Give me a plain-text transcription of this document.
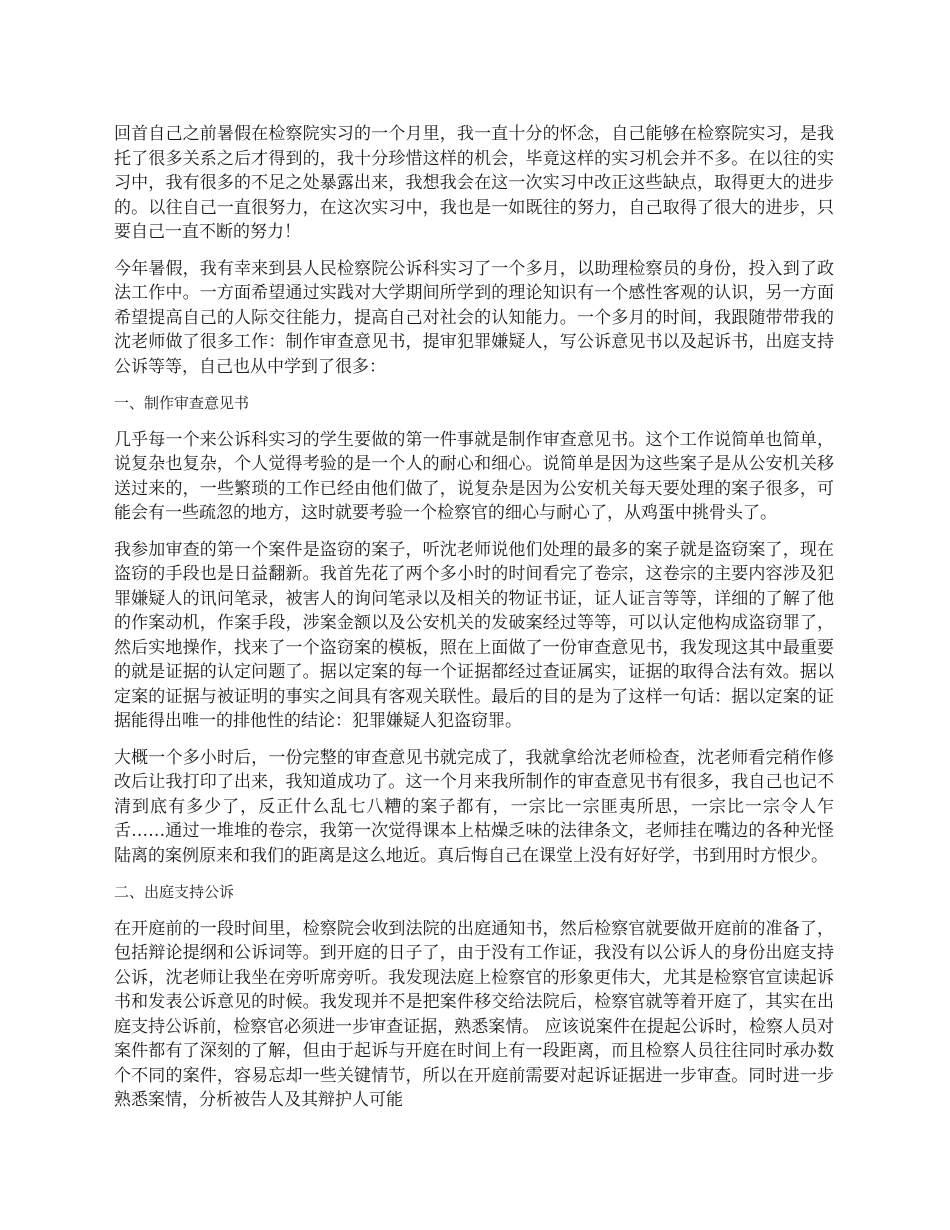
回首自己之前暑假在检察院实习的一个月里，我一直十分的怀念，自己能够在检察院实习，是我托了很多关系之后才得到的，我十分珍惜这样的机会，毕竟这样的实习机会并不多。在以往的实习中，我有很多的不足之处暴露出来，我想我会在这一次实习中改正这些缺点，取得更大的进步的。以往自己一直很努力，在这次实习中，我也是一如既往的努力，自己取得了很大的进步，只要自己一直不断的努力！

今年暑假，我有幸来到县人民检察院公诉科实习了一个多月，以助理检察员的身份，投入到了政法工作中。一方面希望通过实践对大学期间所学到的理论知识有一个感性客观的认识，另一方面希望提高自己的人际交往能力，提高自己对社会的认知能力。一个多月的时间，我跟随带带我的沈老师做了很多工作：制作审查意见书，提审犯罪嫌疑人，写公诉意见书以及起诉书，出庭支持公诉等等，自己也从中学到了很多：

一、制作审查意见书

几乎每一个来公诉科实习的学生要做的第一件事就是制作审查意见书。这个工作说简单也简单，说复杂也复杂，个人觉得考验的是一个人的耐心和细心。说简单是因为这些案子是从公安机关移送过来的，一些繁琐的工作已经由他们做了，说复杂是因为公安机关每天要处理的案子很多，可能会有一些疏忽的地方，这时就要考验一个检察官的细心与耐心了，从鸡蛋中挑骨头了。

我参加审查的第一个案件是盗窃的案子，听沈老师说他们处理的最多的案子就是盗窃案了，现在盗窃的手段也是日益翻新。我首先花了两个多小时的时间看完了卷宗，这卷宗的主要内容涉及犯罪嫌疑人的讯问笔录，被害人的询问笔录以及相关的物证书证，证人证言等等，详细的了解了他的作案动机，作案手段，涉案金额以及公安机关的发破案经过等等，可以认定他构成盗窃罪了，然后实地操作，找来了一个盗窃案的模板，照在上面做了一份审查意见书，我发现这其中最重要的就是证据的认定问题了。据以定案的每一个证据都经过查证属实，证据的取得合法有效。据以定案的证据与被证明的事实之间具有客观关联性。最后的目的是为了这样一句话：据以定案的证据能得出唯一的排他性的结论：犯罪嫌疑人犯盗窃罪。

大概一个多小时后，一份完整的审查意见书就完成了，我就拿给沈老师检查，沈老师看完稍作修改后让我打印了出来，我知道成功了。这一个月来我所制作的审查意见书有很多，我自己也记不清到底有多少了，反正什么乱七八糟的案子都有，一宗比一宗匪夷所思，一宗比一宗令人乍舌……通过一堆堆的卷宗，我第一次觉得课本上枯燥乏味的法律条文，老师挂在嘴边的各种光怪陆离的案例原来和我们的距离是这么地近。真后悔自己在课堂上没有好好学，书到用时方恨少。

二、出庭支持公诉

在开庭前的一段时间里，检察院会收到法院的出庭通知书，然后检察官就要做开庭前的准备了，包括辩论提纲和公诉词等。到开庭的日子了，由于没有工作证，我没有以公诉人的身份出庭支持公诉，沈老师让我坐在旁听席旁听。我发现法庭上检察官的形象更伟大，尤其是检察官宣读起诉书和发表公诉意见的时候。我发现并不是把案件移交给法院后，检察官就等着开庭了，其实在出庭支持公诉前，检察官必须进一步审查证据，熟悉案情。 应该说案件在提起公诉时，检察人员对案件都有了深刻的了解，但由于起诉与开庭在时间上有一段距离，而且检察人员往往同时承办数个不同的案件，容易忘却一些关键情节，所以在开庭前需要对起诉证据进一步审查。同时进一步熟悉案情，分析被告人及其辩护人可能
